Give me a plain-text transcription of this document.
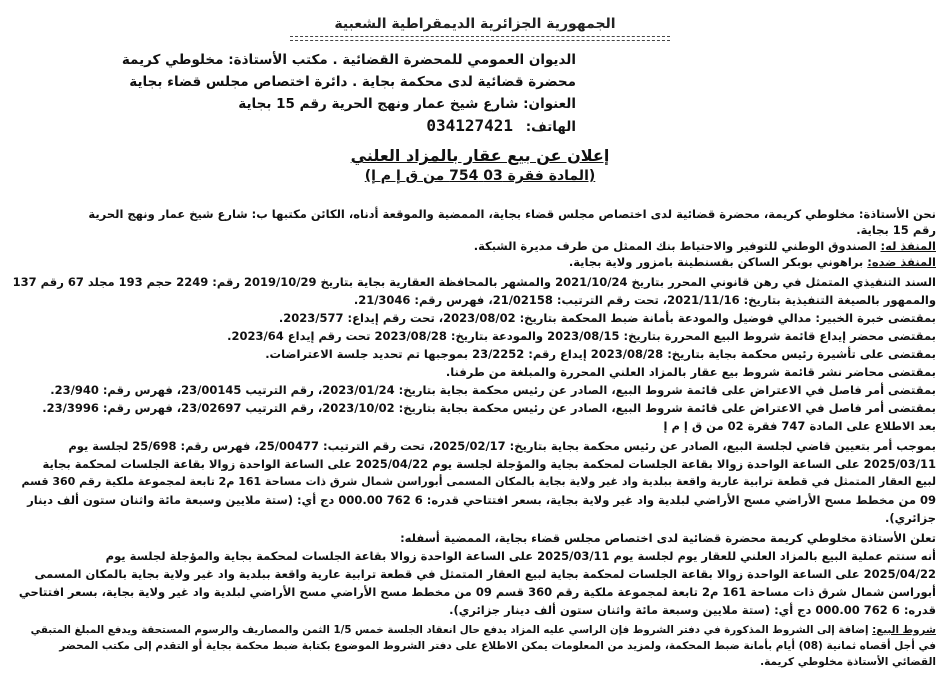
الجمهورية الجزائرية الديمقراطية الشعبية
الديوان العمومي للمحضرة القضائية . مكتب الأستاذة: مخلوطي كريمة
محضرة قضائية لدى محكمة بجاية . دائرة اختصاص مجلس قضاء بجاية
العنوان: شارع شيخ عمار ونهج الحرية رقم 15 بجاية
الهاتف: 034127421
إعلان عن بيع عقار بالمزاد العلني
(المادة فقرة 03 754 من ق إ م إ)
نحن الأستاذة: مخلوطي كريمة، محضرة قضائية لدى اختصاص مجلس قضاء بجاية، الممضية والموقعة أدناه، الكائن مكتبها ب: شارع شيخ عمار ونهج الحرية
رقم 15 بجاية.
المنفذ له: الصندوق الوطني للتوفير والاحتياط بنك الممثل من طرف مديرة الشبكة.
المنفذ ضده: براهوني بوبكر الساكن بقسنطينة بامزور ولاية بجاية.
السند التنفيذي المتمثل في رهن قانوني المحرر بتاريخ 2021/10/24 والمشهر بالمحافظة العقارية بجاية بتاريخ 2019/10/29 رقم: 2249 حجم 193 مجلد 67 رقم 137
والممهور بالصيغة التنفيذية بتاريخ: 2021/11/16، تحت رقم الترتيب: 21/02158، فهرس رقم: 21/3046.
بمقتضى خبرة الخبير: مدالي فوضيل والمودعة بأمانة ضبط المحكمة بتاريخ: 2023/08/02، تحت رقم إيداع: 2023/577.
بمقتضى محضر إيداع قائمة شروط البيع المحررة بتاريخ: 2023/08/15 والمودعة بتاريخ: 2023/08/28 تحت رقم إيداع 2023/64.
بمقتضى على تأشيرة رئيس محكمة بجاية بتاريخ: 2023/08/28 إيداع رقم: 23/2252 بموجبها تم تحديد جلسة الاعتراضات.
بمقتضى محاضر نشر قائمة شروط بيع عقار بالمزاد العلني المحررة والمبلغة من طرفنا.
بمقتضى أمر فاصل في الاعتراض على قائمة شروط البيع، الصادر عن رئيس محكمة بجاية بتاريخ: 2023/01/24، رقم الترتيب 23/00145، فهرس رقم: 23/940.
بمقتضى أمر فاصل في الاعتراض على قائمة شروط البيع، الصادر عن رئيس محكمة بجاية بتاريخ: 2023/10/02، رقم الترتيب 23/02697، فهرس رقم: 23/3996.
بعد الاطلاع على المادة 747 فقرة 02 من ق إ م إ
بموجب أمر بتعيين قاضي لجلسة البيع، الصادر عن رئيس محكمة بجاية بتاريخ: 2025/02/17، تحت رقم الترتيب: 25/00477، فهرس رقم: 25/698 لجلسة يوم
2025/03/11 على الساعة الواحدة زوالا بقاعة الجلسات لمحكمة بجاية والمؤجلة لجلسة يوم 2025/04/22 على الساعة الواحدة زوالا بقاعة الجلسات لمحكمة بجاية
لبيع العقار المتمثل في قطعة ترابية عارية واقعة ببلدية واد غير ولاية بجاية بالمكان المسمى أبوراسن شمال شرق ذات مساحة 161 م2 تابعة لمجموعة ملكية رقم 360 قسم
09 من مخطط مسح الأراضي مسح الأراضي لبلدية واد غير ولاية بجاية، بسعر افتتاحي قدره: 6 762 000.00 دج أي: (ستة ملايين وسبعة مائة واثنان ستون ألف دينار
جزائري).
تعلن الأستاذة مخلوطي كريمة محضرة قضائية لدى اختصاص مجلس قضاء بجاية، الممضية أسفله:
أنه سنتم عملية البيع بالمزاد العلني للعقار يوم لجلسة يوم 2025/03/11 على الساعة الواحدة زوالا بقاعة الجلسات لمحكمة بجاية والمؤجلة لجلسة يوم
2025/04/22 على الساعة الواحدة زوالا بقاعة الجلسات لمحكمة بجاية لبيع العقار المتمثل في قطعة ترابية عارية واقعة ببلدية واد غير ولاية بجاية بالمكان المسمى
أبوراسن شمال شرق ذات مساحة 161 م2 تابعة لمجموعة ملكية رقم 360 قسم 09 من مخطط مسح الأراضي مسح الأراضي لبلدية واد غير ولاية بجاية، بسعر افتتاحي
قدره: 6 762 000.00 دج أي: (ستة ملايين وسبعة مائة واثنان ستون ألف دينار جزائري).
شروط البيع: إضافة إلى الشروط المذكورة في دفتر الشروط فإن الراسي عليه المزاد يدفع حال انعقاد الجلسة خمس 1/5 الثمن والمصاريف والرسوم المستحقة ويدفع المبلغ المتبقي
في أجل أقصاه ثمانية (08) أيام بأمانة ضبط المحكمة، ولمزيد من المعلومات يمكن الاطلاع على دفتر الشروط الموضوع بكتابة ضبط محكمة بجاية أو التقدم إلى مكتب المحضر
القضائي الأستاذة مخلوطي كريمة.
